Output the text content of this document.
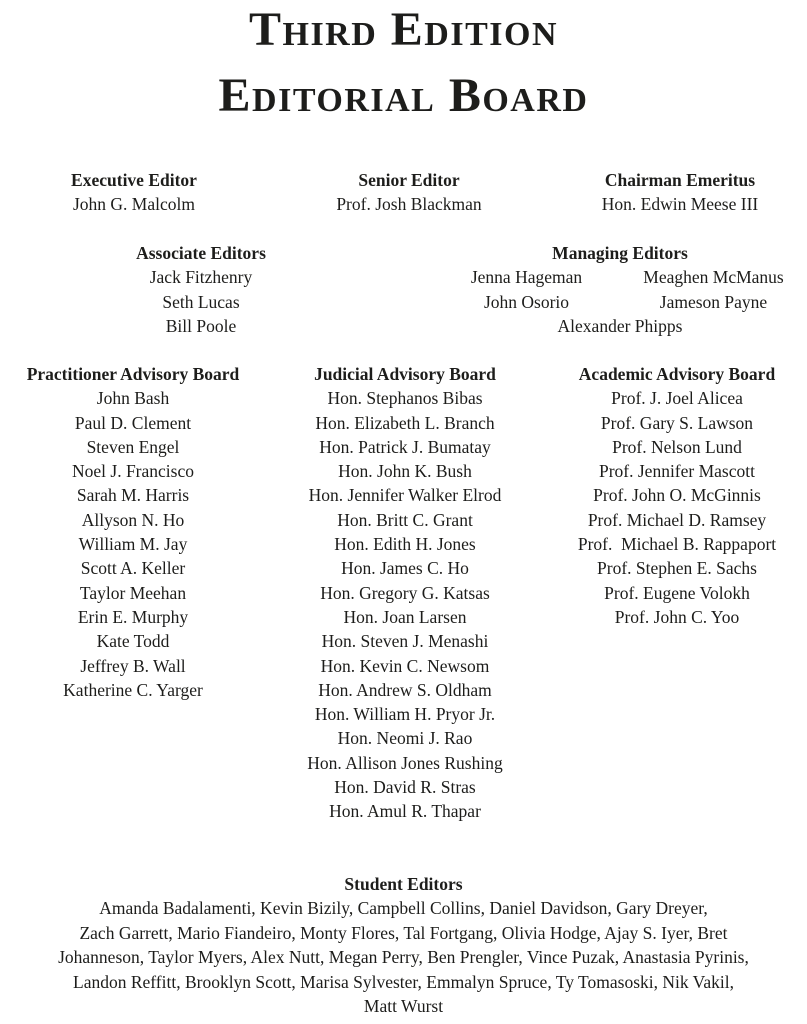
Third Edition
Editorial Board
Executive Editor
John G. Malcolm
Senior Editor
Prof. Josh Blackman
Chairman Emeritus
Hon. Edwin Meese III
Associate Editors
Jack Fitzhenry
Seth Lucas
Bill Poole
Managing Editors
Jenna Hageman	Meaghen McManus
John Osorio	Jameson Payne
Alexander Phipps
Practitioner Advisory Board
John Bash
Paul D. Clement
Steven Engel
Noel J. Francisco
Sarah M. Harris
Allyson N. Ho
William M. Jay
Scott A. Keller
Taylor Meehan
Erin E. Murphy
Kate Todd
Jeffrey B. Wall
Katherine C. Yarger
Judicial Advisory Board
Hon. Stephanos Bibas
Hon. Elizabeth L. Branch
Hon. Patrick J. Bumatay
Hon. John K. Bush
Hon. Jennifer Walker Elrod
Hon. Britt C. Grant
Hon. Edith H. Jones
Hon. James C. Ho
Hon. Gregory G. Katsas
Hon. Joan Larsen
Hon. Steven J. Menashi
Hon. Kevin C. Newsom
Hon. Andrew S. Oldham
Hon. William H. Pryor Jr.
Hon. Neomi J. Rao
Hon. Allison Jones Rushing
Hon. David R. Stras
Hon. Amul R. Thapar
Academic Advisory Board
Prof. J. Joel Alicea
Prof. Gary S. Lawson
Prof. Nelson Lund
Prof. Jennifer Mascott
Prof. John O. McGinnis
Prof. Michael D. Ramsey
Prof.  Michael B. Rappaport
Prof. Stephen E. Sachs
Prof. Eugene Volokh
Prof. John C. Yoo
Student Editors
Amanda Badalamenti, Kevin Bizily, Campbell Collins, Daniel Davidson, Gary Dreyer,
Zach Garrett, Mario Fiandeiro, Monty Flores, Tal Fortgang, Olivia Hodge, Ajay S. Iyer, Bret
Johanneson, Taylor Myers, Alex Nutt, Megan Perry, Ben Prengler, Vince Puzak, Anastasia Pyrinis,
Landon Reffitt, Brooklyn Scott, Marisa Sylvester, Emmalyn Spruce, Ty Tomasoski, Nik Vakil,
Matt Wurst
